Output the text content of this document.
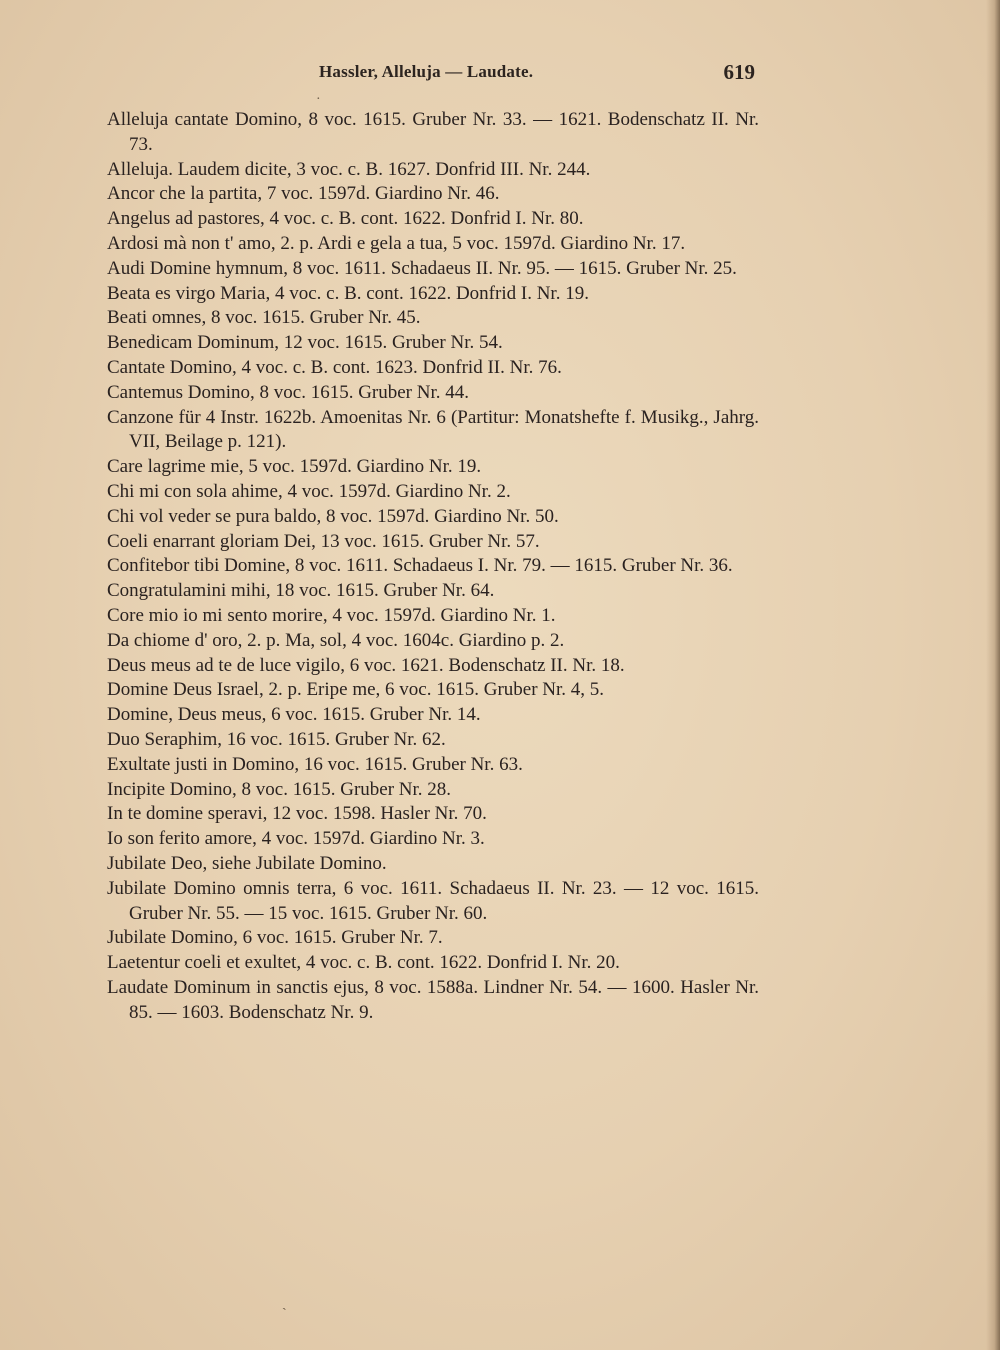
Hassler, Alleluja — Laudate.	619
·
Alleluja cantate Domino, 8 voc. 1615. Gruber Nr. 33. — 1621. Bodenschatz II. Nr. 73.
Alleluja. Laudem dicite, 3 voc. c. B. 1627. Donfrid III. Nr. 244.
Ancor che la partita, 7 voc. 1597d. Giardino Nr. 46.
Angelus ad pastores, 4 voc. c. B. cont. 1622. Donfrid I. Nr. 80.
Ardosi mà non t' amo, 2. p. Ardi e gela a tua, 5 voc. 1597d. Giardino Nr. 17.
Audi Domine hymnum, 8 voc. 1611. Schadaeus II. Nr. 95. — 1615. Gruber Nr. 25.
Beata es virgo Maria, 4 voc. c. B. cont. 1622. Donfrid I. Nr. 19.
Beati omnes, 8 voc. 1615. Gruber Nr. 45.
Benedicam Dominum, 12 voc. 1615. Gruber Nr. 54.
Cantate Domino, 4 voc. c. B. cont. 1623. Donfrid II. Nr. 76.
Cantemus Domino, 8 voc. 1615. Gruber Nr. 44.
Canzone für 4 Instr. 1622b. Amoenitas Nr. 6 (Partitur: Monatshefte f. Musikg., Jahrg. VII, Beilage p. 121).
Care lagrime mie, 5 voc. 1597d. Giardino Nr. 19.
Chi mi con sola ahime, 4 voc. 1597d. Giardino Nr. 2.
Chi vol veder se pura baldo, 8 voc. 1597d. Giardino Nr. 50.
Coeli enarrant gloriam Dei, 13 voc. 1615. Gruber Nr. 57.
Confitebor tibi Domine, 8 voc. 1611. Schadaeus I. Nr. 79. — 1615. Gruber Nr. 36.
Congratulamini mihi, 18 voc. 1615. Gruber Nr. 64.
Core mio io mi sento morire, 4 voc. 1597d. Giardino Nr. 1.
Da chiome d' oro, 2. p. Ma, sol, 4 voc. 1604c. Giardino p. 2.
Deus meus ad te de luce vigilo, 6 voc. 1621. Bodenschatz II. Nr. 18.
Domine Deus Israel, 2. p. Eripe me, 6 voc. 1615. Gruber Nr. 4, 5.
Domine, Deus meus, 6 voc. 1615. Gruber Nr. 14.
Duo Seraphim, 16 voc. 1615. Gruber Nr. 62.
Exultate justi in Domino, 16 voc. 1615. Gruber Nr. 63.
Incipite Domino, 8 voc. 1615. Gruber Nr. 28.
In te domine speravi, 12 voc. 1598. Hasler Nr. 70.
Io son ferito amore, 4 voc. 1597d. Giardino Nr. 3.
Jubilate Deo, siehe Jubilate Domino.
Jubilate Domino omnis terra, 6 voc. 1611. Schadaeus II. Nr. 23. — 12 voc. 1615. Gruber Nr. 55. — 15 voc. 1615. Gruber Nr. 60.
Jubilate Domino, 6 voc. 1615. Gruber Nr. 7.
Laetentur coeli et exultet, 4 voc. c. B. cont. 1622. Donfrid I. Nr. 20.
Laudate Dominum in sanctis ejus, 8 voc. 1588a. Lindner Nr. 54. — 1600. Hasler Nr. 85. — 1603. Bodenschatz Nr. 9.
ˎ
